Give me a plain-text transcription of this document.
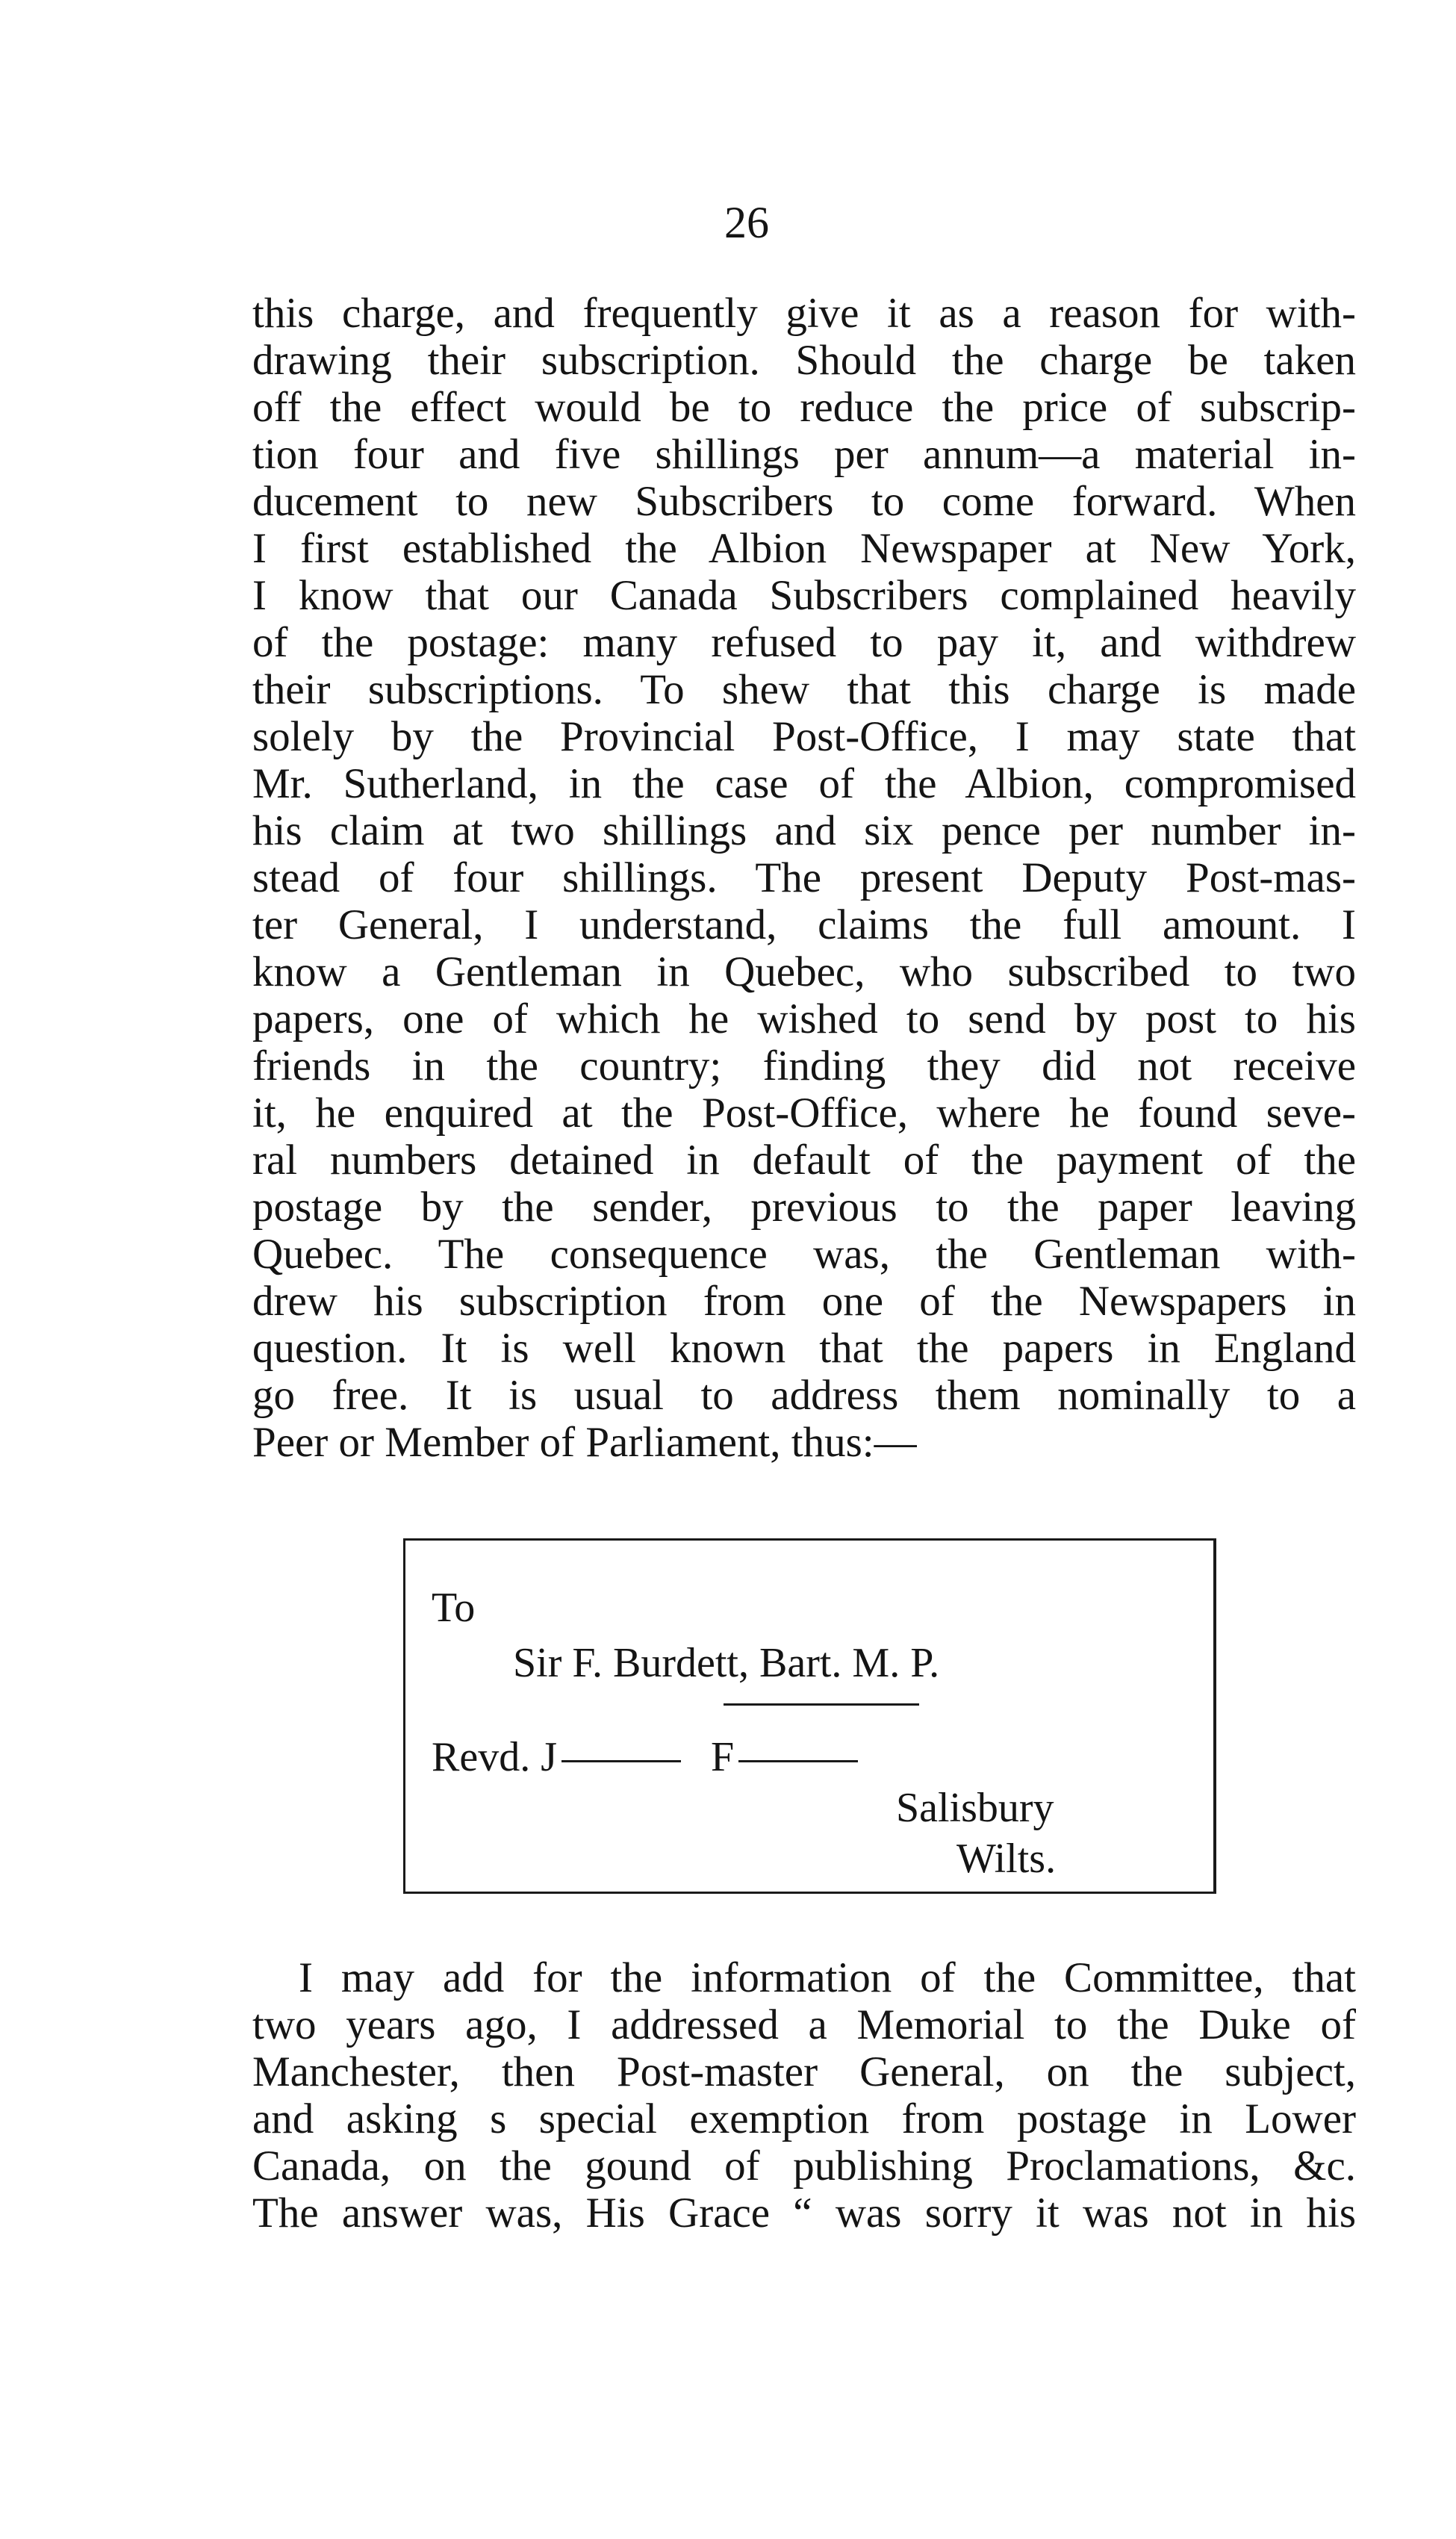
26
this charge, and frequently give it as a reason for with-
drawing their subscription. Should the charge be taken
off the effect would be to reduce the price of subscrip-
tion four and five shillings per annum—a material in-
ducement to new Subscribers to come forward. When
I first established the Albion Newspaper at New York,
I know that our Canada Subscribers complained heavily
of the postage: many refused to pay it, and withdrew
their subscriptions. To shew that this charge is made
solely by the Provincial Post-Office, I may state that
Mr. Sutherland, in the case of the Albion, compromised
his claim at two shillings and six pence per number in-
stead of four shillings. The present Deputy Post-mas-
ter General, I understand, claims the full amount. I
know a Gentleman in Quebec, who subscribed to two
papers, one of which he wished to send by post to his
friends in the country; finding they did not receive
it, he enquired at the Post-Office, where he found seve-
ral numbers detained in default of the payment of the
postage by the sender, previous to the paper leaving
Quebec. The consequence was, the Gentleman with-
drew his subscription from one of the Newspapers in
question. It is well known that the papers in England
go free. It is usual to address them nominally to a
Peer or Member of Parliament, thus:—
To
Sir F. Burdett, Bart. M. P.
Revd. J	F
Salisbury
Wilts.
I may add for the information of the Committee, that
two years ago, I addressed a Memorial to the Duke of
Manchester, then Post-master General, on the subject,
and asking s special exemption from postage in Lower
Canada, on the gound of publishing Proclamations, &c.
The answer was, His Grace “ was sorry it was not in his
